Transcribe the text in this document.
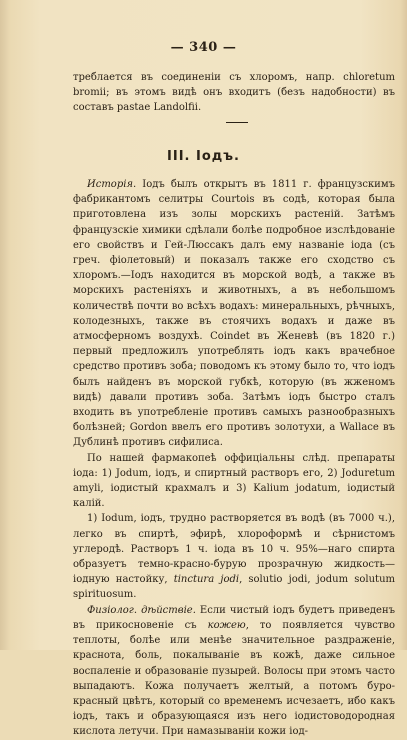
— 340 —

треблается въ соединеніи съ хлоромъ, напр. chloretum bromii; въ этомъ видѣ онъ входитъ (безъ надобности) въ составъ pastae Landolfii.

III. Іодъ.

Исторія. Іодъ былъ открытъ въ 1811 г. французскимъ фабрикантомъ селитры Courtois въ содѣ, которая была приготовлена изъ золы морскихъ растеній. Затѣмъ французскіе химики сдѣлали болѣе подробное изслѣдованіе его свойствъ и Гей-Люссакъ далъ ему названіе іода (съ греч. фіолетовый) и показалъ также его сходство съ хлоромъ.—Іодъ находится въ морской водѣ, а также въ морскихъ растеніяхъ и животныхъ, а въ небольшомъ количествѣ почти во всѣхъ водахъ: минеральныхъ, рѣчныхъ, колодезныхъ, также въ стоячихъ водахъ и даже въ атмосферномъ воздухѣ. Coindet въ Женевѣ (въ 1820 г.) первый предложилъ употреблять іодъ какъ врачебное средство противъ зоба; поводомъ къ этому было то, что іодъ былъ найденъ въ морской губкѣ, которую (въ жженомъ видѣ) давали противъ зоба. Затѣмъ іодъ быстро сталъ входить въ употребленіе противъ самыхъ разнообразныхъ болѣзней; Gordon ввелъ его противъ золотухи, а Wallace въ Дублинѣ противъ сифилиса.

По нашей фармакопеѣ оффиціальны слѣд. препараты іода: 1) Jodum, іодъ, и спиртный растворъ его, 2) Joduretum amyli, іодистый крахмалъ и 3) Kalium jodatum, іодистый калій.

1) Iodum, іодъ, трудно растворяется въ водѣ (въ 7000 ч.), легко въ спиртѣ, эфирѣ, хлороформѣ и сѣрнистомъ углеродѣ. Растворъ 1 ч. іода въ 10 ч. 95%—наго спирта образуетъ темно-красно-бурую прозрачную жидкость—іодную настойку, tinctura jodi, solutio jodi, jodum solutum spirituosum.

Физіолог. дѣйствіе. Если чистый іодъ будетъ приведенъ въ прикосновеніе съ кожею, то появляется чувство теплоты, болѣе или менѣе значительное раздраженіе, краснота, боль, покалываніе въ кожѣ, даже сильное воспаленіе и образованіе пузырей. Волосы при этомъ часто выпадаютъ. Кожа получаетъ желтый, а потомъ буро-красный цвѣтъ, который со временемъ исчезаетъ, ибо какъ іодъ, такъ и образующаяся изъ него іодистоводородная кислота летучи. При намазываніи кожи іод-
